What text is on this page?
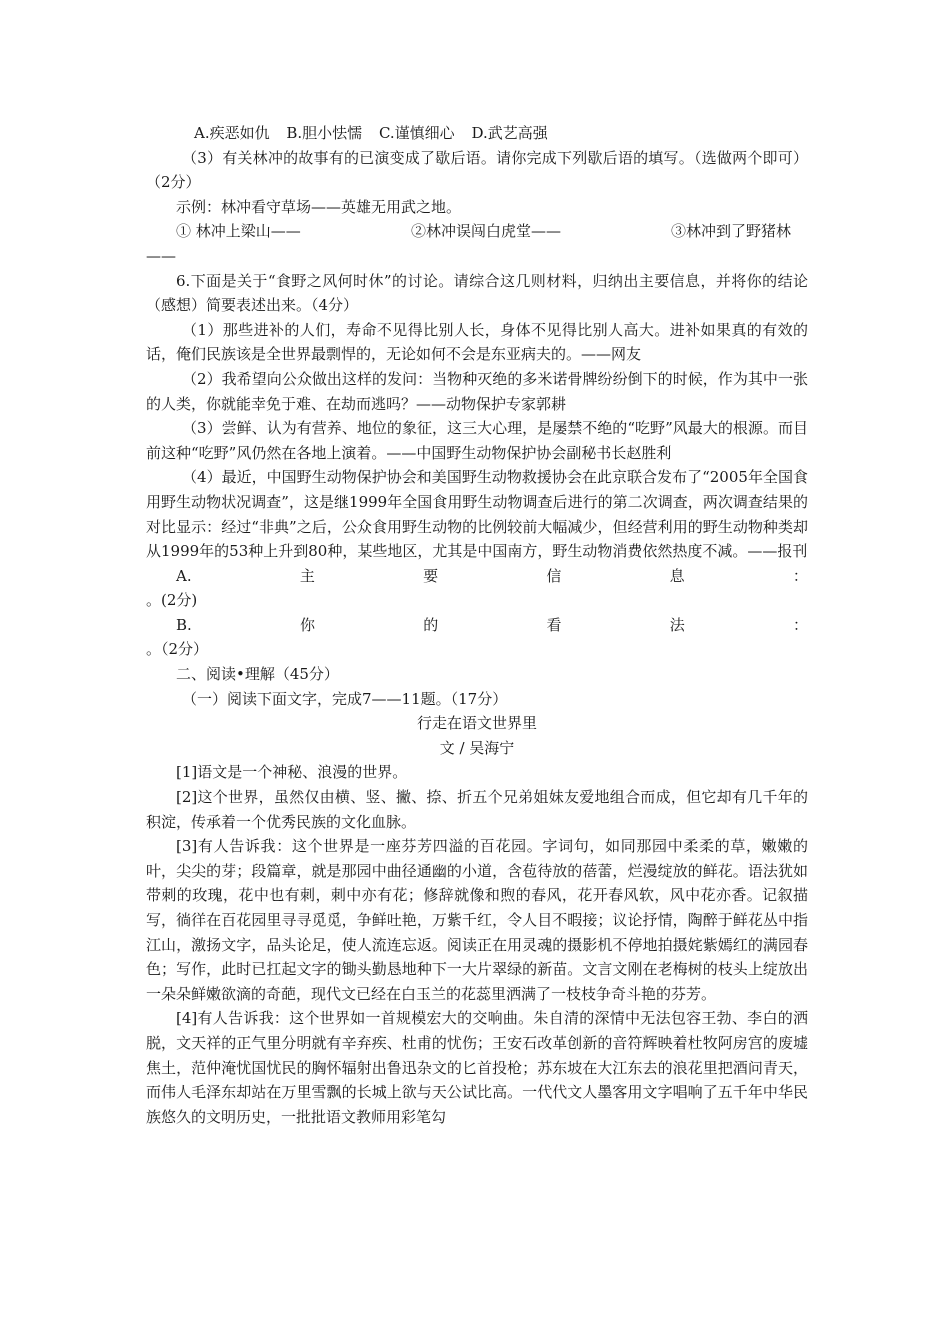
A.疾恶如仇 B.胆小怯懦 C.谨慎细心 D.武艺高强

（3）有关林冲的故事有的已演变成了歇后语。请你完成下列歇后语的填写。（选做两个即可）（2分）

示例：林冲看守草场——英雄无用武之地。

① 林冲上梁山——	②林冲误闯白虎堂——	③林冲到了野猪林

——

6.下面是关于“食野之风何时休”的讨论。请综合这几则材料，归纳出主要信息，并将你的结论（感想）简要表述出来。（4分）

（1）那些进补的人们，寿命不见得比别人长，身体不见得比别人高大。进补如果真的有效的话，俺们民族该是全世界最剽悍的，无论如何不会是东亚病夫的。——网友

（2）我希望向公众做出这样的发问：当物种灭绝的多米诺骨牌纷纷倒下的时候，作为其中一张的人类，你就能幸免于难、在劫而逃吗？——动物保护专家郭耕

（3）尝鲜、认为有营养、地位的象征，这三大心理，是屡禁不绝的“吃野”风最大的根源。而目前这种“吃野”风仍然在各地上演着。——中国野生动物保护协会副秘书长赵胜利

（4）最近，中国野生动物保护协会和美国野生动物救援协会在此京联合发布了“2005年全国食用野生动物状况调查”，这是继1999年全国食用野生动物调查后进行的第二次调查，两次调查结果的对比显示：经过“非典”之后，公众食用野生动物的比例较前大幅减少，但经营利用的野生动物种类却从1999年的53种上升到80种，某些地区，尤其是中国南方，野生动物消费依然热度不减。——报刊

A.	主	要	信	息	：

。(2分)

B.	你	的	看	法	：

。（2分）

二、阅读•理解（45分）

（一）阅读下面文字，完成7——11题。（17分）

行走在语文世界里

文 / 吴海宁

[1]语文是一个神秘、浪漫的世界。

[2]这个世界，虽然仅由横、竖、撇、捺、折五个兄弟姐妹友爱地组合而成，但它却有几千年的积淀，传承着一个优秀民族的文化血脉。

[3]有人告诉我：这个世界是一座芬芳四溢的百花园。字词句，如同那园中柔柔的草，嫩嫩的叶，尖尖的芽；段篇章，就是那园中曲径通幽的小道，含苞待放的蓓蕾，烂漫绽放的鲜花。语法犹如带刺的玫瑰，花中也有刺，刺中亦有花；修辞就像和煦的春风，花开春风软，风中花亦香。记叙描写，徜徉在百花园里寻寻觅觅，争鲜吐艳，万紫千红，令人目不暇接；议论抒情，陶醉于鲜花丛中指江山，激扬文字，品头论足，使人流连忘返。阅读正在用灵魂的摄影机不停地拍摄姹紫嫣红的满园春色；写作，此时已扛起文字的锄头勤恳地种下一大片翠绿的新苗。文言文刚在老梅树的枝头上绽放出一朵朵鲜嫩欲滴的奇葩，现代文已经在白玉兰的花蕊里洒满了一枝枝争奇斗艳的芬芳。

[4]有人告诉我：这个世界如一首规模宏大的交响曲。朱自清的深情中无法包容王勃、李白的洒脱，文天祥的正气里分明就有辛弃疾、杜甫的忧伤；王安石改革创新的音符辉映着杜牧阿房宫的废墟焦土，范仲淹忧国忧民的胸怀辐射出鲁迅杂文的匕首投枪；苏东坡在大江东去的浪花里把酒问青天，而伟人毛泽东却站在万里雪飘的长城上欲与天公试比高。一代代文人墨客用文字唱响了五千年中华民族悠久的文明历史，一批批语文教师用彩笔勾
